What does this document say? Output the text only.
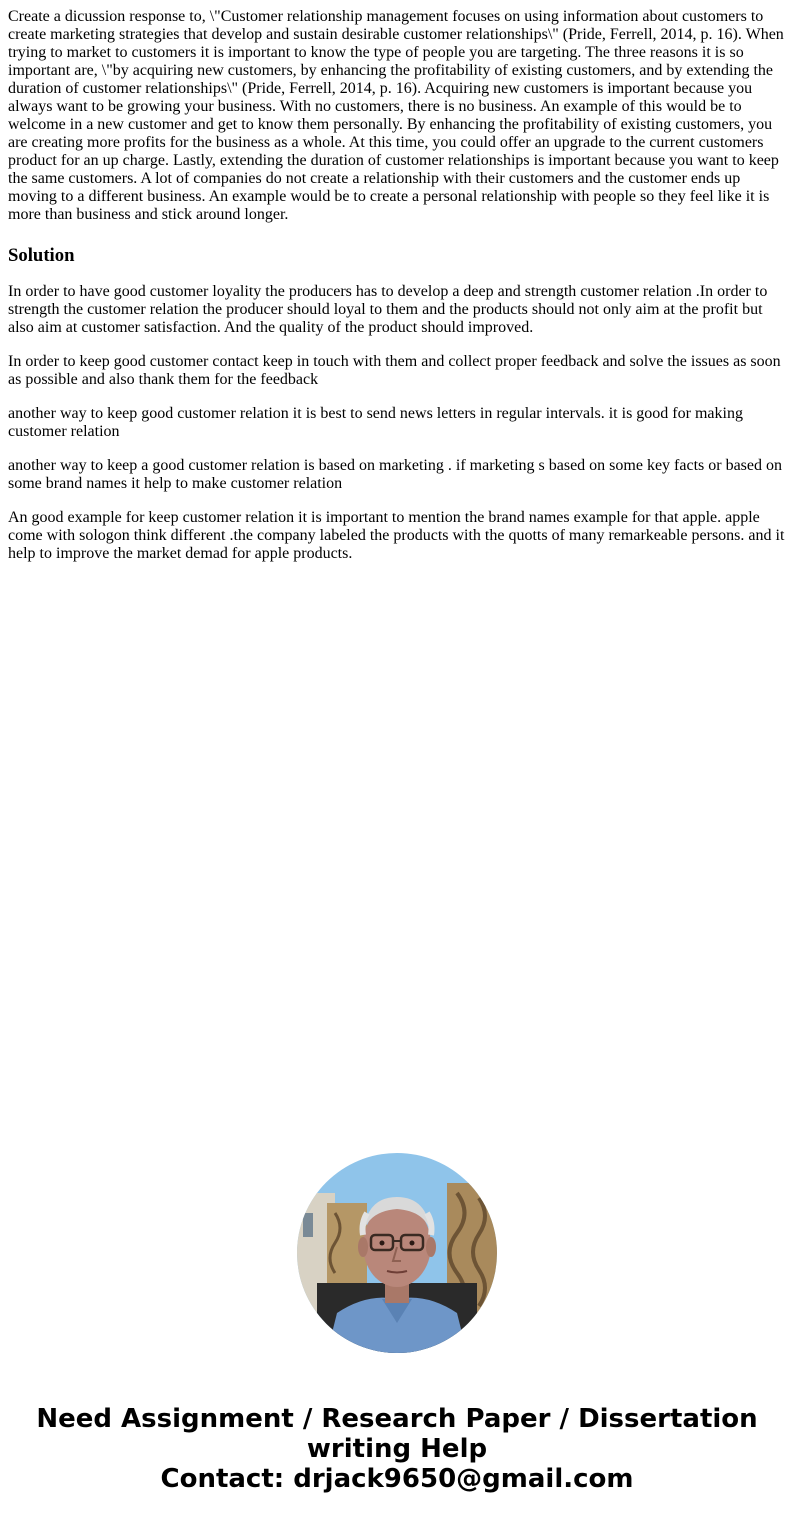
Create a dicussion response to, \"Customer relationship management focuses on using information about customers to create marketing strategies that develop and sustain desirable customer relationships\" (Pride, Ferrell, 2014, p. 16). When trying to market to customers it is important to know the type of people you are targeting. The three reasons it is so important are, \"by acquiring new customers, by enhancing the profitability of existing customers, and by extending the duration of customer relationships\" (Pride, Ferrell, 2014, p. 16). Acquiring new customers is important because you always want to be growing your business. With no customers, there is no business. An example of this would be to welcome in a new customer and get to know them personally. By enhancing the profitability of existing customers, you are creating more profits for the business as a whole. At this time, you could offer an upgrade to the current customers product for an up charge. Lastly, extending the duration of customer relationships is important because you want to keep the same customers. A lot of companies do not create a relationship with their customers and the customer ends up moving to a different business. An example would be to create a personal relationship with people so they feel like it is more than business and stick around longer.

Solution

In order to have good customer loyality the producers has to develop a deep and strength customer relation .In order to strength the customer relation the producer should loyal to them and the products should not only aim at the profit but also aim at customer satisfaction. And the quality of the product should improved.

In order to keep good customer contact keep in touch with them and collect proper feedback and solve the issues as soon as possible and also thank them for the feedback

another way to keep good customer relation it is best to send news letters in regular intervals. it is good for making customer relation

another way to keep a good customer relation is based on marketing . if marketing s based on some key facts or based on some brand names it help to make customer relation

An good example for keep customer relation it is important to mention the brand names example for that apple. apple come with sologon think different .the company labeled the products with the quotts of many remarkeable persons. and it help to improve the market demad for apple products.

Need Assignment / Research Paper / Dissertation
writing Help
Contact: drjack9650@gmail.com
